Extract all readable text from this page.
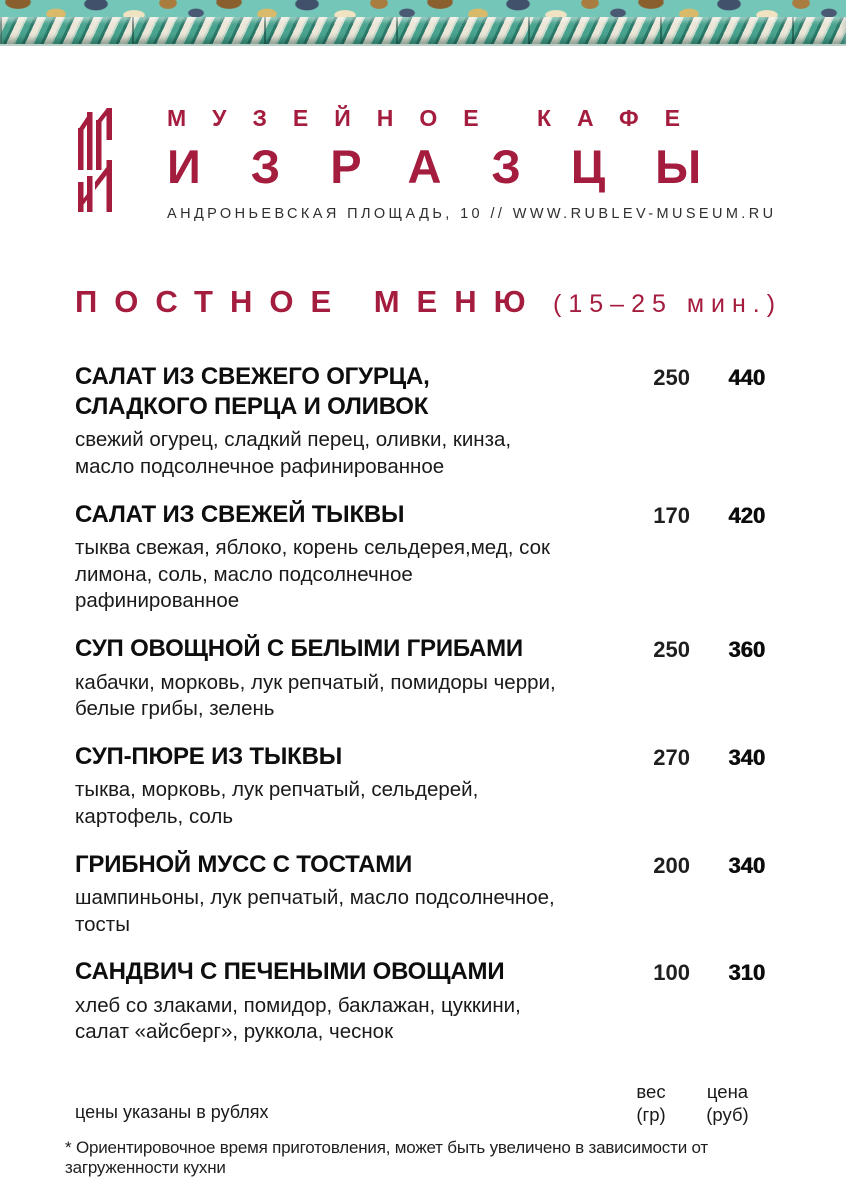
МУЗЕЙНОЕ КАФЕ
ИЗРАЗЦЫ
АНДРОНЬЕВСКАЯ ПЛОЩАДЬ, 10 // WWW.RUBLEV-MUSEUM.RU
ПОСТНОЕ МЕНЮ (15–25 мин.)
САЛАТ ИЗ СВЕЖЕГО ОГУРЦА, СЛАДКОГО ПЕРЦА И ОЛИВОК
свежий огурец, сладкий перец, оливки, кинза, масло подсолнечное рафинированное
250	440
САЛАТ ИЗ СВЕЖЕЙ ТЫКВЫ
тыква свежая, яблоко, корень сельдерея,мед, сок лимона, соль, масло подсолнечное рафинированное
170	420
СУП ОВОЩНОЙ С БЕЛЫМИ ГРИБАМИ
кабачки, морковь, лук репчатый, помидоры черри, белые грибы, зелень
250	360
СУП-ПЮРЕ ИЗ ТЫКВЫ
тыква, морковь, лук репчатый, сельдерей, картофель, соль
270	340
ГРИБНОЙ МУСС С ТОСТАМИ
шампиньоны, лук репчатый, масло подсолнечное, тосты
200	340
САНДВИЧ С ПЕЧЕНЫМИ ОВОЩАМИ
хлеб со злаками, помидор, баклажан, цуккини, салат «айсберг», руккола, чеснок
100	310
цены указаны в рублях
вес
(гр)
цена
(руб)
* Ориентировочное время приготовления, может быть увеличено в зависимости от загруженности кухни
